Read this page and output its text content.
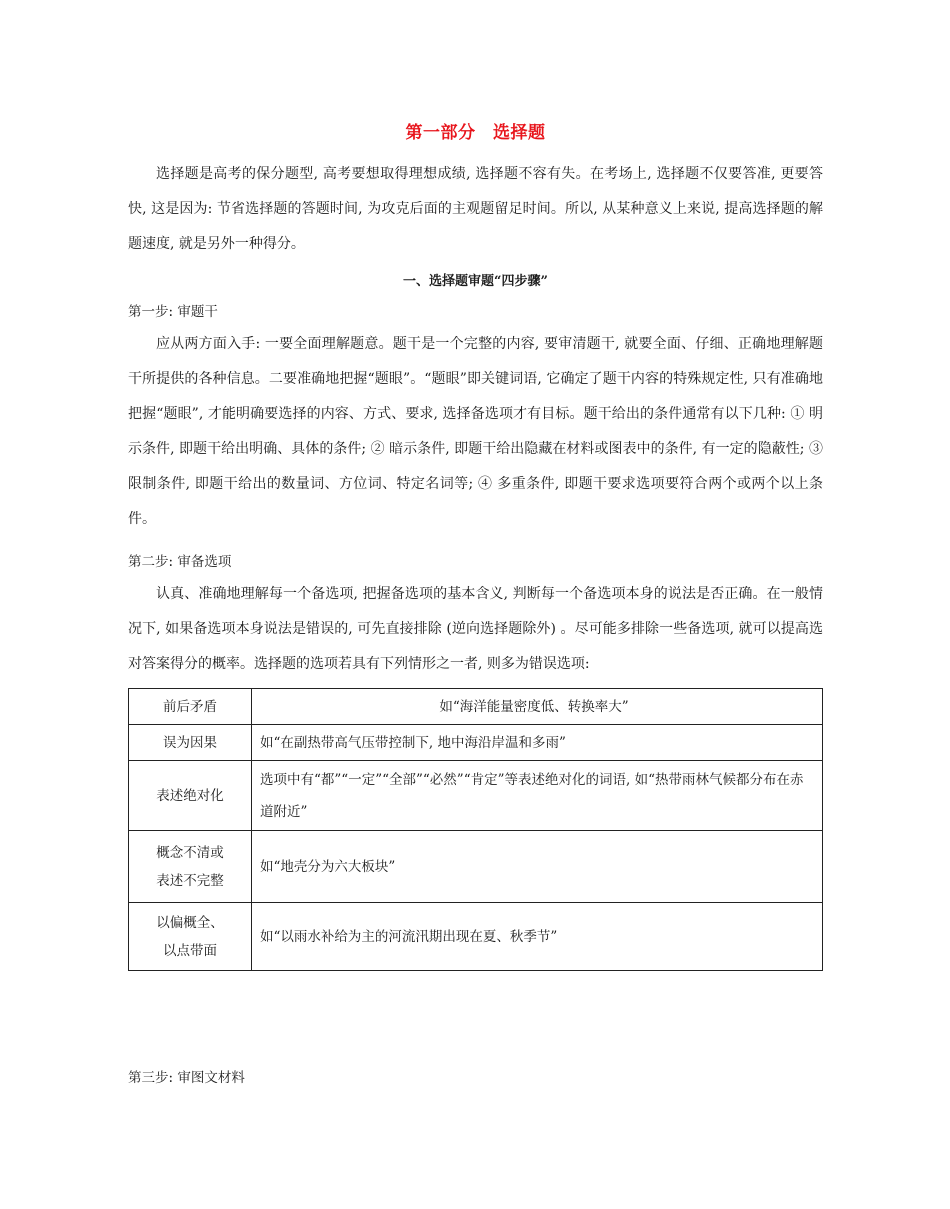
第一部分　选择题
选择题是高考的保分题型, 高考要想取得理想成绩, 选择题不容有失。在考场上, 选择题不仅要答准, 更要答快, 这是因为: 节省选择题的答题时间, 为攻克后面的主观题留足时间。所以, 从某种意义上来说, 提高选择题的解题速度, 就是另外一种得分。
一、选择题审题“四步骤”
第一步: 审题干
应从两方面入手: 一要全面理解题意。题干是一个完整的内容, 要审清题干, 就要全面、仔细、正确地理解题干所提供的各种信息。二要准确地把握“题眼”。“题眼”即关键词语, 它确定了题干内容的特殊规定性, 只有准确地把握“题眼”, 才能明确要选择的内容、方式、要求, 选择备选项才有目标。题干给出的条件通常有以下几种: ① 明示条件, 即题干给出明确、具体的条件; ② 暗示条件, 即题干给出隐藏在材料或图表中的条件, 有一定的隐蔽性; ③ 限制条件, 即题干给出的数量词、方位词、特定名词等; ④ 多重条件, 即题干要求选项要符合两个或两个以上条件。
第二步: 审备选项
认真、准确地理解每一个备选项, 把握备选项的基本含义, 判断每一个备选项本身的说法是否正确。在一般情况下, 如果备选项本身说法是错误的, 可先直接排除 (逆向选择题除外) 。尽可能多排除一些备选项, 就可以提高选对答案得分的概率。选择题的选项若具有下列情形之一者, 则多为错误选项:
前后矛盾	如“海洋能量密度低、转换率大”
误为因果	如“在副热带高气压带控制下, 地中海沿岸温和多雨”
表述绝对化	选项中有“都”“一定”“全部”“必然”“肯定”等表述绝对化的词语, 如“热带雨林气候都分布在赤道附近”

概念不清或
表述不完整	如“地壳分为六大板块”

以偏概全、
以点带面	如“以雨水补给为主的河流汛期出现在夏、秋季节”
第三步: 审图文材料
